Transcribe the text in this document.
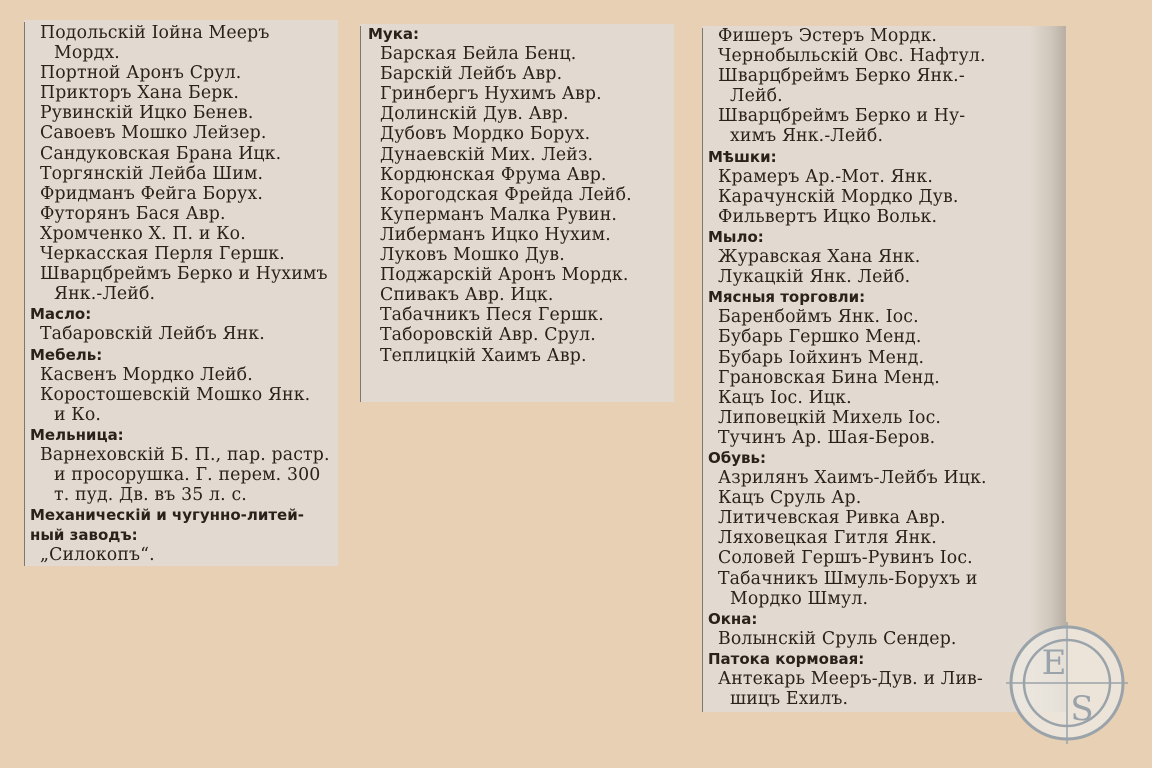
Подольскій Іойна Мееръ
Мордх.
Портной Аронъ Срул.
Прикторъ Хана Берк.
Рувинскій Ицко Бенев.
Савоевъ Мошко Лейзер.
Сандуковская Брана Ицк.
Торгянскій Лейба Шим.
Фридманъ Фейга Борух.
Футорянъ Бася Авр.
Хромченко Х. П. и Ко.
Черкасская Перля Гершк.
Шварцбреймъ Берко и Нухимъ
Янк.-Лейб.
Масло:
Табаровскій Лейбъ Янк.
Мебель:
Касвенъ Мордко Лейб.
Коростошевскій Мошко Янк.
и Ко.
Мельница:
Варнеховскій Б. П., пар. растр.
и просорушка. Г. перем. 300
т. пуд. Дв. въ 35 л. с.
Механическій и чугунно-литей-
ный заводъ:
„Силокопъ“.
Мука:
Барская Бейла Бенц.
Барскій Лейбъ Авр.
Гринбергъ Нухимъ Авр.
Долинскій Дув. Авр.
Дубовъ Мордко Борух.
Дунаевскій Мих. Лейз.
Кордюнская Фрума Авр.
Корогодская Фрейда Лейб.
Куперманъ Малка Рувин.
Либерманъ Ицко Нухим.
Луковъ Мошко Дув.
Поджарскій Аронъ Мордк.
Спивакъ Авр. Ицк.
Табачникъ Песя Гершк.
Таборовскій Авр. Срул.
Теплицкій Хаимъ Авр.
Фишеръ Эстеръ Мордк.
Чернобыльскій Овс. Нафтул.
Шварцбреймъ Берко Янк.-
Лейб.
Шварцбреймъ Берко и Ну-
химъ Янк.-Лейб.
Мѣшки:
Крамеръ Ар.-Мот. Янк.
Карачунскій Мордко Дув.
Фильвертъ Ицко Вольк.
Мыло:
Журавская Хана Янк.
Лукацкій Янк. Лейб.
Мясныя торговли:
Баренбоймъ Янк. Іос.
Бубарь Гершко Менд.
Бубарь Іойхинъ Менд.
Грановская Бина Менд.
Кацъ Іос. Ицк.
Липовецкій Михель Іос.
Тучинъ Ар. Шая-Беров.
Обувь:
Азрилянъ Хаимъ-Лейбъ Ицк.
Кацъ Сруль Ар.
Литичевская Ривка Авр.
Ляховецкая Гитля Янк.
Соловей Гершъ-Рувинъ Іос.
Табачникъ Шмуль-Борухъ и
Мордко Шмул.
Окна:
Волынскій Сруль Сендер.
Патока кормовая:
Антекарь Мееръ-Дув. и Лив-
шицъ Ехилъ.
E
S
